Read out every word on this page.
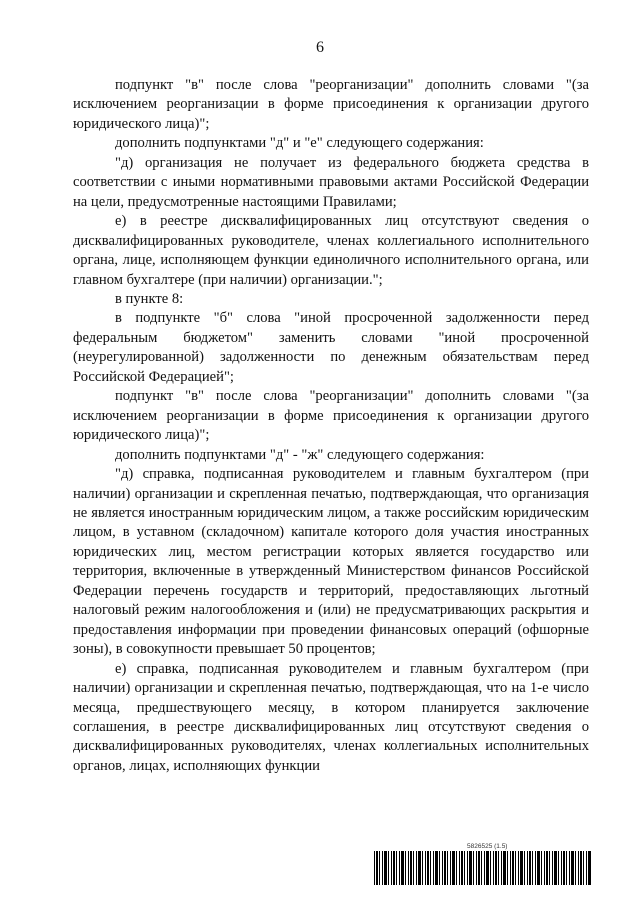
6

подпункт "в" после слова "реорганизации" дополнить словами "(за исключением реорганизации в форме присоединения к организации другого юридического лица)";

дополнить подпунктами "д" и "е" следующего содержания:

"д) организация не получает из федерального бюджета средства в соответствии с иными нормативными правовыми актами Российской Федерации на цели, предусмотренные настоящими Правилами;

е) в реестре дисквалифицированных лиц отсутствуют сведения о дисквалифицированных руководителе, членах коллегиального исполнительного органа, лице, исполняющем функции единоличного исполнительного органа, или главном бухгалтере (при наличии) организации.";

в пункте 8:

в подпункте "б" слова "иной просроченной задолженности перед федеральным бюджетом" заменить словами "иной просроченной (неурегулированной) задолженности по денежным обязательствам перед Российской Федерацией";

подпункт "в" после слова "реорганизации" дополнить словами "(за исключением реорганизации в форме присоединения к организации другого юридического лица)";

дополнить подпунктами "д" - "ж" следующего содержания:

"д) справка, подписанная руководителем и главным бухгалтером (при наличии) организации и скрепленная печатью, подтверждающая, что организация не является иностранным юридическим лицом, а также российским юридическим лицом, в уставном (складочном) капитале которого доля участия иностранных юридических лиц, местом регистрации которых является государство или территория, включенные в утвержденный Министерством финансов Российской Федерации перечень государств и территорий, предоставляющих льготный налоговый режим налогообложения и (или) не предусматривающих раскрытия и предоставления информации при проведении финансовых операций (офшорные зоны), в совокупности превышает 50 процентов;

е) справка, подписанная руководителем и главным бухгалтером (при наличии) организации и скрепленная печатью, подтверждающая, что на 1-е число месяца, предшествующего месяцу, в котором планируется заключение соглашения, в реестре дисквалифицированных лиц отсутствуют сведения о дисквалифицированных руководителях, членах коллегиальных исполнительных органов, лицах, исполняющих функции

5826525 (1.5)
